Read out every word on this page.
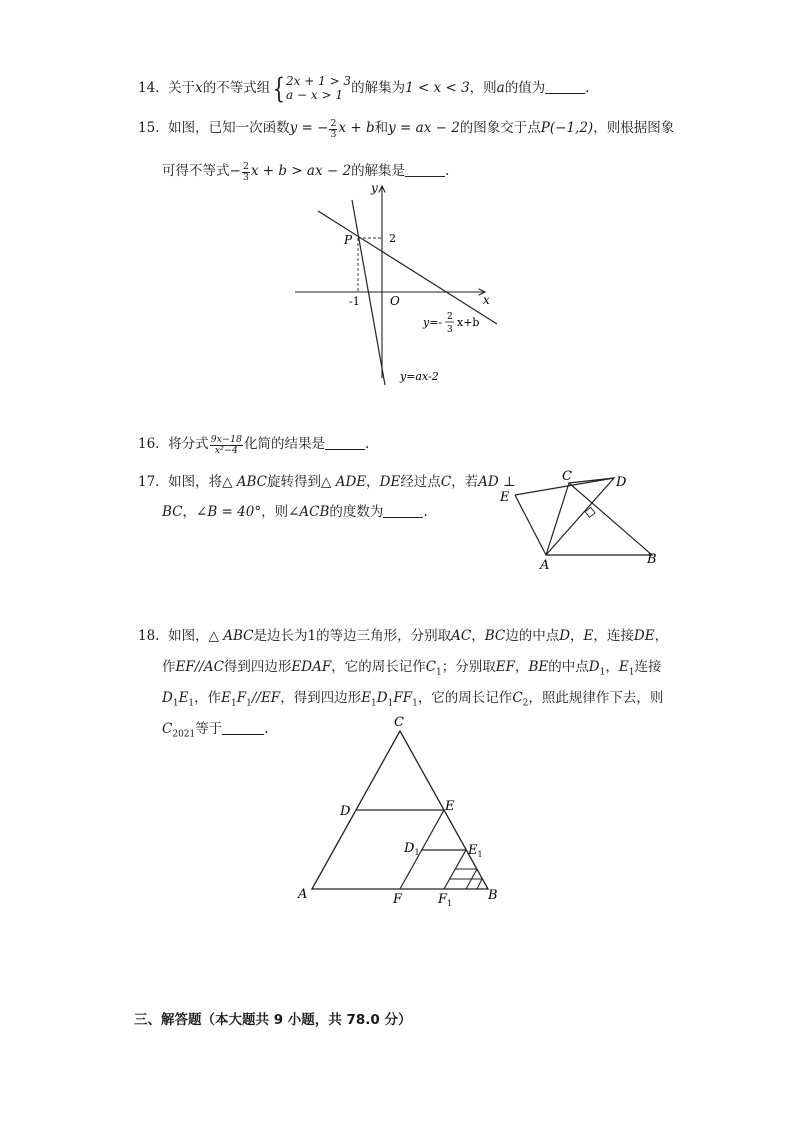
14. 关于x的不等式组{ 2x + 1 > 3
a − x > 1 的解集为1 < x < 3，则a的值为	.
15. 如图，已知一次函数y = − $\frac{2}{3}$ x + b和y = ax − 2的图象交于点P(−1,2)，则根据图象
可得不等式− $\frac{2}{3}$ x + b > ax − 2的解集是	.
x
y
O
P	2
-1
y=- 2
3
x+b
y=ax-2
16. 将分式 $\frac{9x-18}{\text{x²−4}}$ 化简的结果是	.
17. 如图，将△ ABC旋转得到△ ADE，DE经过点C，若AD ⊥
BC，∠B = 40°，则∠ACB的度数为	.
E
C	D
A	B
18. 如图，△ ABC是边长为1的等边三角形，分别取AC，BC边的中点D，E，连接DE，
作EF//AC得到四边形EDAF，它的周长记作$C_1$；分别取EF，BE的中点$D_1$，$E_1$连接
$D_1E_1$，作$E_1F_1//EF$，得到四边形$E_1D_1FF_1$，它的周长记作$C_2$，照此规律作下去，则
$C_{2021}$等于	.	C
D	E
$D_1$	$E_1$
A	F	$F_1$
B
三、解答题（本大题共 9 小题，共 78.0 分）
